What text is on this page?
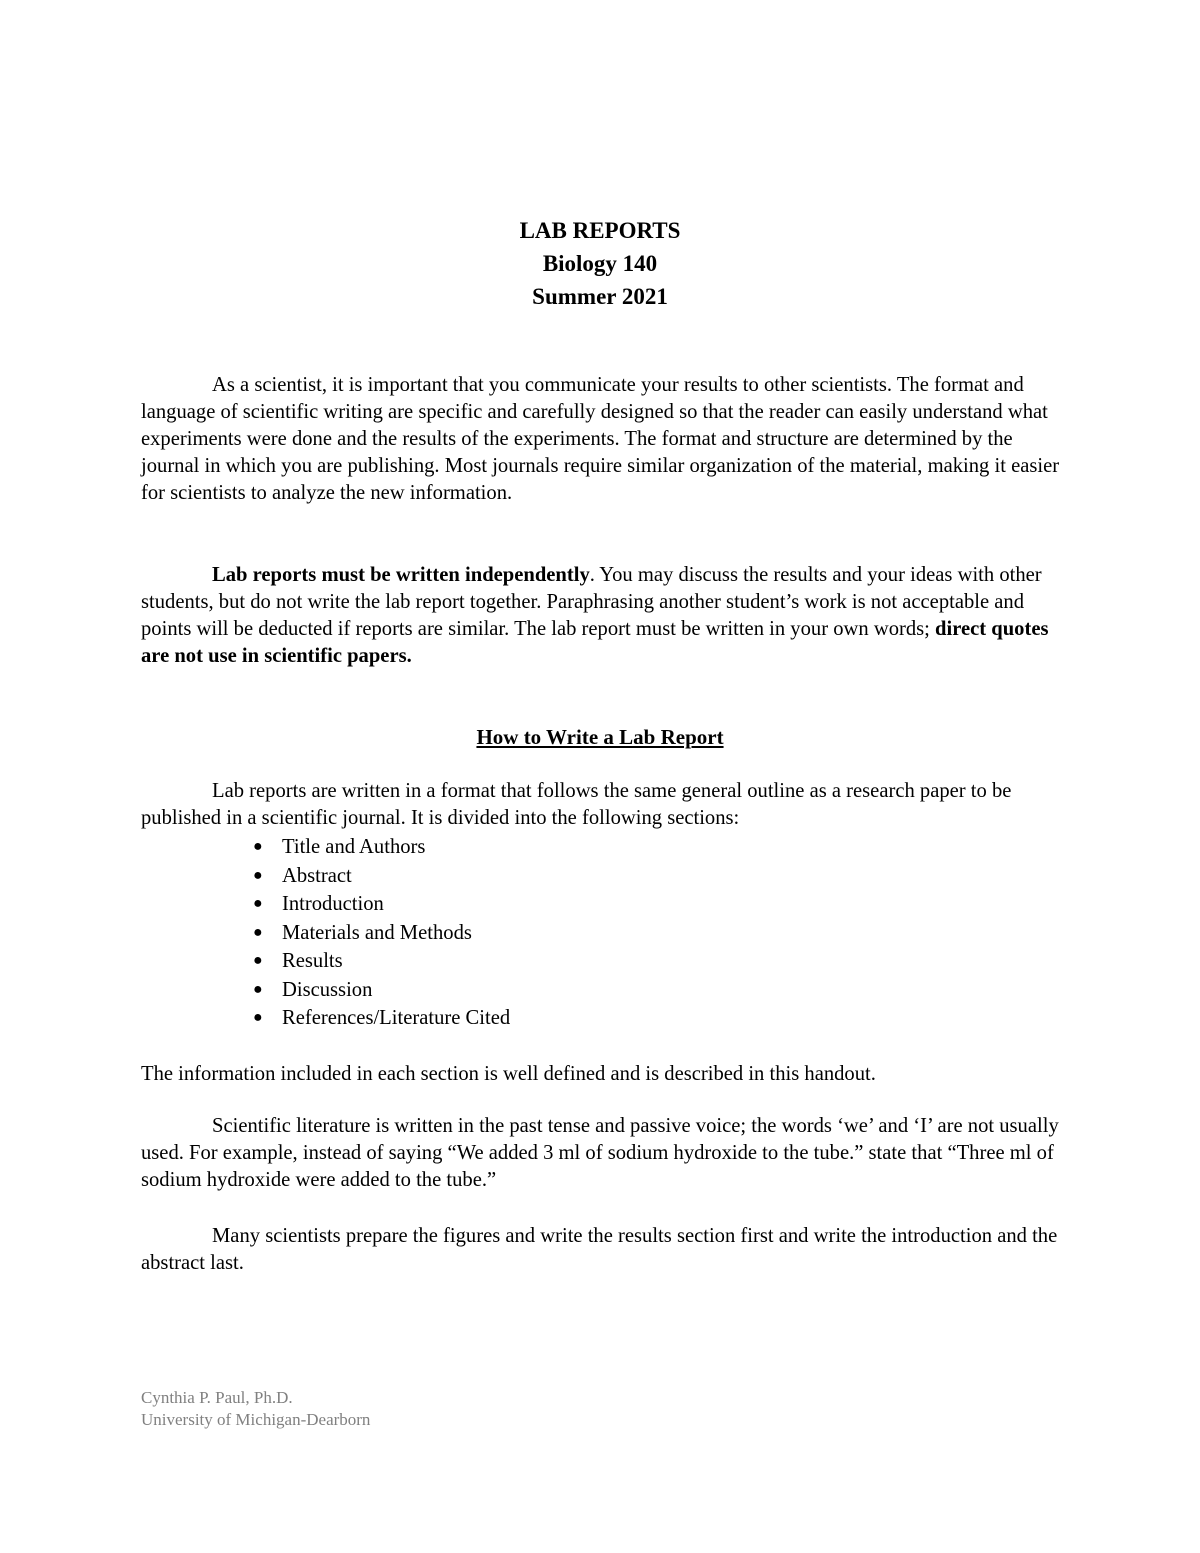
LAB REPORTS
Biology 140
Summer 2021

As a scientist, it is important that you communicate your results to other scientists. The format and language of scientific writing are specific and carefully designed so that the reader can easily understand what experiments were done and the results of the experiments. The format and structure are determined by the journal in which you are publishing. Most journals require similar organization of the material, making it easier for scientists to analyze the new information.

Lab reports must be written independently. You may discuss the results and your ideas with other students, but do not write the lab report together. Paraphrasing another student’s work is not acceptable and points will be deducted if reports are similar. The lab report must be written in your own words; direct quotes are not use in scientific papers.

How to Write a Lab Report

Lab reports are written in a format that follows the same general outline as a research paper to be published in a scientific journal. It is divided into the following sections:

● Title and Authors
● Abstract
● Introduction
● Materials and Methods
● Results
● Discussion
● References/Literature Cited

The information included in each section is well defined and is described in this handout.

Scientific literature is written in the past tense and passive voice; the words ‘we’ and ‘I’ are not usually used. For example, instead of saying “We added 3 ml of sodium hydroxide to the tube.” state that “Three ml of sodium hydroxide were added to the tube.”

Many scientists prepare the figures and write the results section first and write the introduction and the abstract last.

Cynthia P. Paul, Ph.D.
University of Michigan-Dearborn
